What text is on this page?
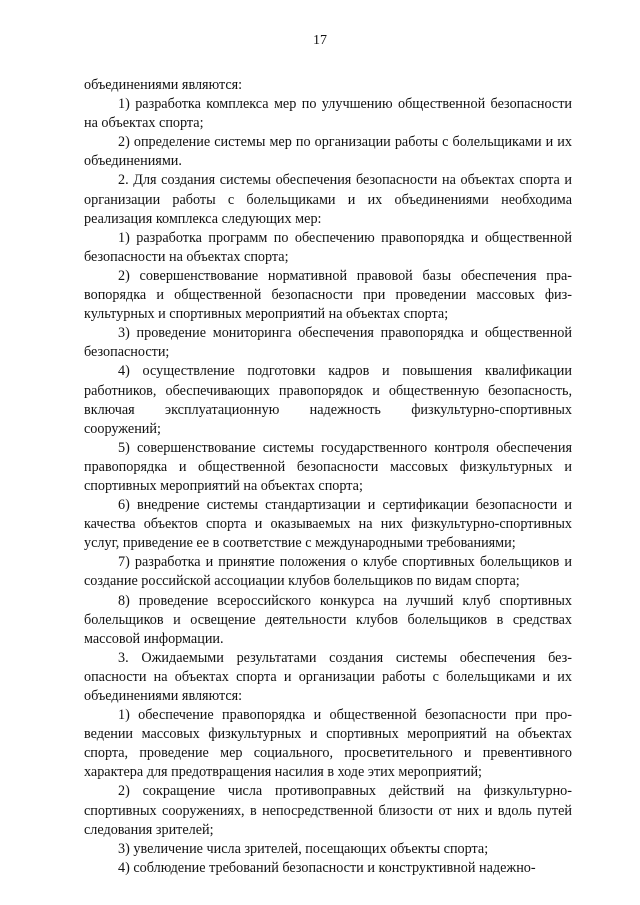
17

объединениями являются:

1) разработка комплекса мер по улучшению общественной безопасности на объектах спорта;

2) определение системы мер по организации работы с болельщиками и их объединениями.

2. Для создания системы обеспечения безопасности на объектах спорта и организации работы с болельщиками и их объединениями необходима реализация комплекса следующих мер:

1) разработка программ по обеспечению правопорядка и общественной безопасности на объектах спорта;

2) совершенствование нормативной правовой базы обеспечения правопорядка и общественной безопасности при проведении массовых физкультурных и спортивных мероприятий на объектах спорта;

3) проведение мониторинга обеспечения правопорядка и общественной безопасности;

4) осуществление подготовки кадров и повышения квалификации работников, обеспечивающих правопорядок и общественную безопасность, включая эксплуатационную надежность физкультурно-спортивных сооружений;

5) совершенствование системы государственного контроля обеспечения правопорядка и общественной безопасности массовых физкультурных и спортивных мероприятий на объектах спорта;

6) внедрение системы стандартизации и сертификации безопасности и качества объектов спорта и оказываемых на них физкультурно-спортивных услуг, приведение ее в соответствие с международными требованиями;

7) разработка и принятие положения о клубе спортивных болельщиков и создание российской ассоциации клубов болельщиков по видам спорта;

8) проведение всероссийского конкурса на лучший клуб спортивных болельщиков и освещение деятельности клубов болельщиков в средствах массовой информации.

3. Ожидаемыми результатами создания системы обеспечения безопасности на объектах спорта и организации работы с болельщиками и их объединениями являются:

1) обеспечение правопорядка и общественной безопасности при проведении массовых физкультурных и спортивных мероприятий на объектах спорта, проведение мер социального, просветительного и превентивного характера для предотвращения насилия в ходе этих мероприятий;

2) сокращение числа противоправных действий на физкультурно-спортивных сооружениях, в непосредственной близости от них и вдоль путей следования зрителей;

3) увеличение числа зрителей, посещающих объекты спорта;

4) соблюдение требований безопасности и конструктивной надежно-
